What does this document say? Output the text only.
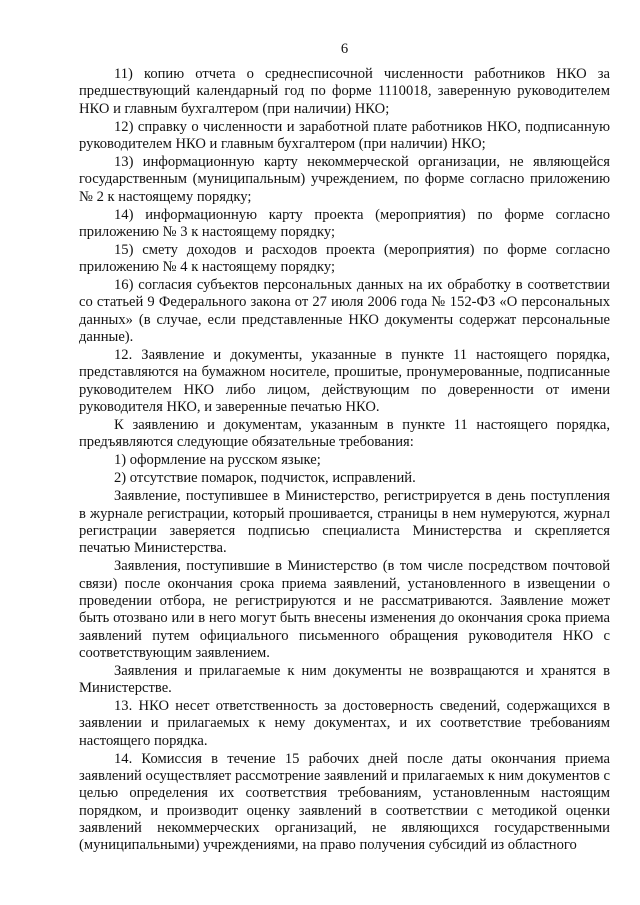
6

11) копию отчета о среднесписочной численности работников НКО за предшествующий календарный год по форме 1110018, заверенную руководителем НКО и главным бухгалтером (при наличии) НКО;

12) справку о численности и заработной плате работников НКО, подписанную руководителем НКО и главным бухгалтером (при наличии) НКО;

13) информационную карту некоммерческой организации, не являющейся государственным (муниципальным) учреждением, по форме согласно приложению № 2 к настоящему порядку;

14) информационную карту проекта (мероприятия) по форме согласно приложению № 3 к настоящему порядку;

15) смету доходов и расходов проекта (мероприятия) по форме согласно приложению № 4 к настоящему порядку;

16) согласия субъектов персональных данных на их обработку в соответствии со статьей 9 Федерального закона от 27 июля 2006 года № 152-ФЗ «О персональных данных» (в случае, если представленные НКО документы содержат персональные данные).

12. Заявление и документы, указанные в пункте 11 настоящего порядка, представляются на бумажном носителе, прошитые, пронумерованные, подписанные руководителем НКО либо лицом, действующим по доверенности от имени руководителя НКО, и заверенные печатью НКО.

К заявлению и документам, указанным в пункте 11 настоящего порядка, предъявляются следующие обязательные требования:

1) оформление на русском языке;

2) отсутствие помарок, подчисток, исправлений.

Заявление, поступившее в Министерство, регистрируется в день поступления в журнале регистрации, который прошивается, страницы в нем нумеруются, журнал регистрации заверяется подписью специалиста Министерства и скрепляется печатью Министерства.

Заявления, поступившие в Министерство (в том числе посредством почтовой связи) после окончания срока приема заявлений, установленного в извещении о проведении отбора, не регистрируются и не рассматриваются. Заявление может быть отозвано или в него могут быть внесены изменения до окончания срока приема заявлений путем официального письменного обращения руководителя НКО с соответствующим заявлением.

Заявления и прилагаемые к ним документы не возвращаются и хранятся в Министерстве.

13. НКО несет ответственность за достоверность сведений, содержащихся в заявлении и прилагаемых к нему документах, и их соответствие требованиям настоящего порядка.

14. Комиссия в течение 15 рабочих дней после даты окончания приема заявлений осуществляет рассмотрение заявлений и прилагаемых к ним документов с целью определения их соответствия требованиям, установленным настоящим порядком, и производит оценку заявлений в соответствии с методикой оценки заявлений некоммерческих организаций, не являющихся государственными (муниципальными) учреждениями, на право получения субсидий из областного
